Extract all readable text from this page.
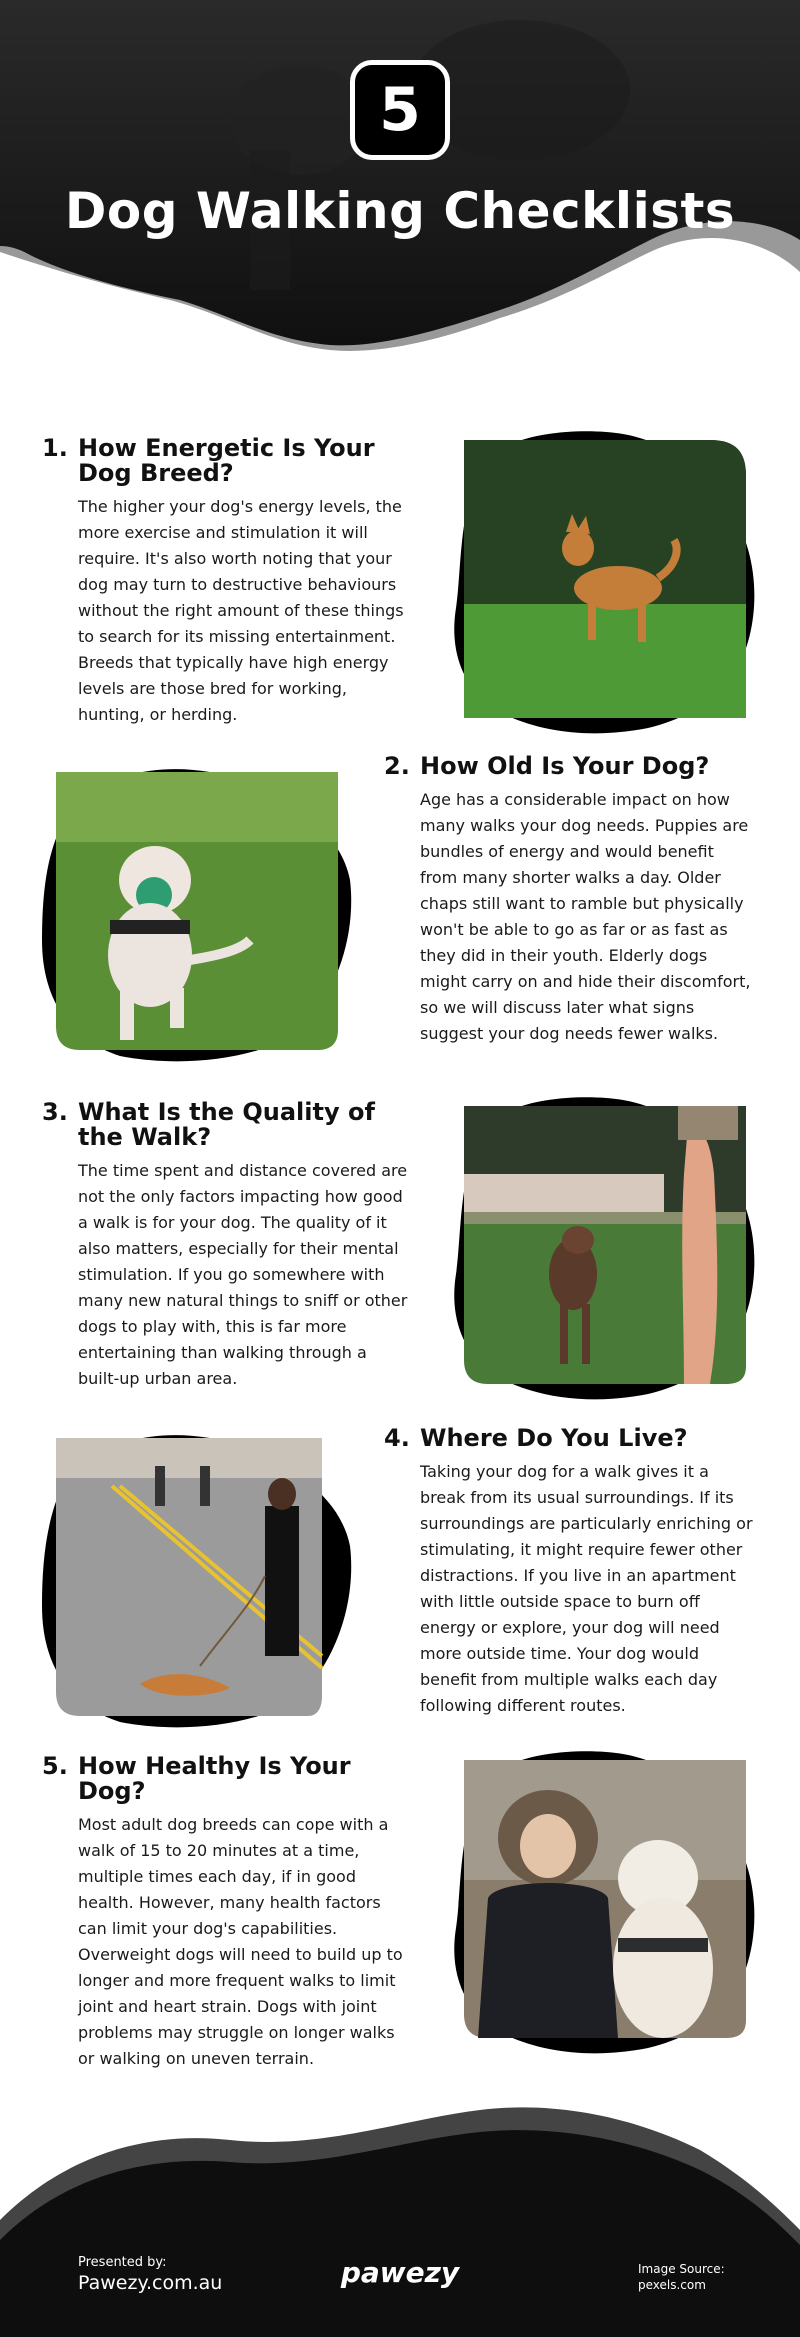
5
Dog Walking Checklists
1. How Energetic Is Your Dog Breed?
The higher your dog's energy levels, the more exercise and stimulation it will require. It's also worth noting that your dog may turn to destructive behaviours without the right amount of these things to search for its missing entertainment. Breeds that typically have high energy levels are those bred for working, hunting, or herding.
2. How Old Is Your Dog?
Age has a considerable impact on how many walks your dog needs. Puppies are bundles of energy and would benefit from many shorter walks a day. Older chaps still want to ramble but physically won't be able to go as far or as fast as they did in their youth. Elderly dogs might carry on and hide their discomfort, so we will discuss later what signs suggest your dog needs fewer walks.
3. What Is the Quality of the Walk?
The time spent and distance covered are not the only factors impacting how good a walk is for your dog. The quality of it also matters, especially for their mental stimulation. If you go somewhere with many new natural things to sniff or other dogs to play with, this is far more entertaining than walking through a built-up urban area.
4. Where Do You Live?
Taking your dog for a walk gives it a break from its usual surroundings. If its surroundings are particularly enriching or stimulating, it might require fewer other distractions. If you live in an apartment with little outside space to burn off energy or explore, your dog will need more outside time. Your dog would benefit from multiple walks each day following different routes.
5. How Healthy Is Your Dog?
Most adult dog breeds can cope with a walk of 15 to 20 minutes at a time, multiple times each day, if in good health. However, many health factors can limit your dog's capabilities. Overweight dogs will need to build up to longer and more frequent walks to limit joint and heart strain. Dogs with joint problems may struggle on longer walks or walking on uneven terrain.
Presented by:
Pawezy.com.au	pawezy	Image Source:
pexels.com
